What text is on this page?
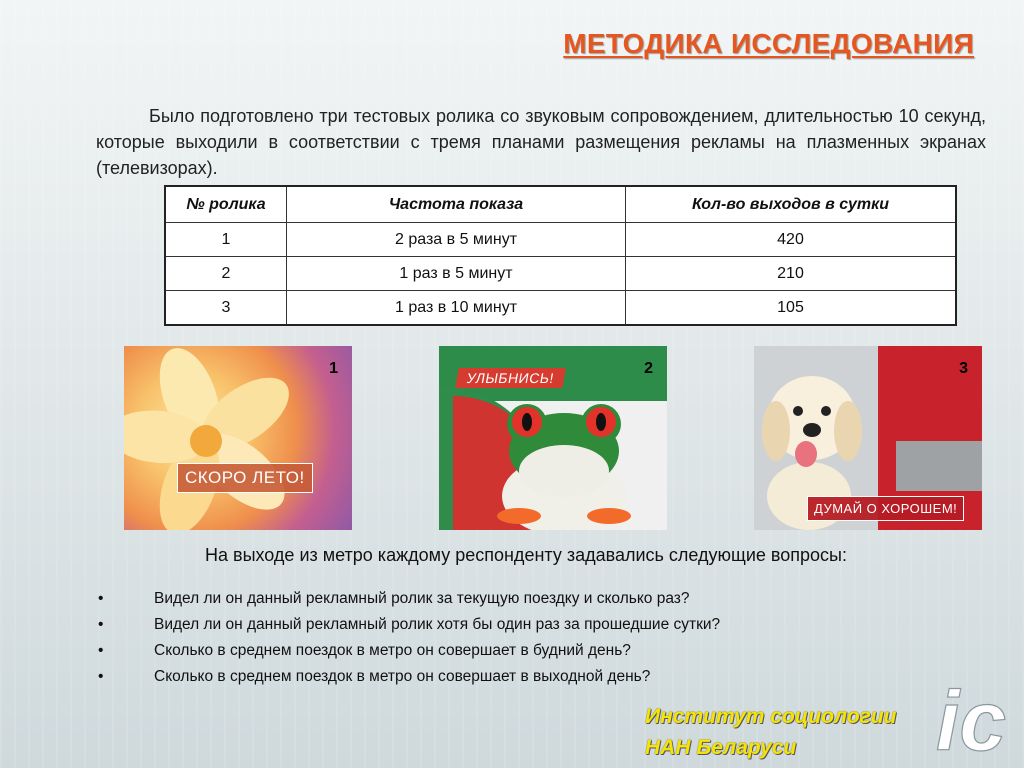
МЕТОДИКА ИССЛЕДОВАНИЯ

Было подготовлено три тестовых ролика со звуковым сопровождением, длительностью 10 секунд, которые выходили в соответствии с тремя планами размещения рекламы на плазменных экранах (телевизорах).

№ ролика	Частота показа	Кол-во выходов в сутки
1	2 раза в 5 минут	420
2	1 раз в 5 минут	210
3	1 раз в 10 минут	105
1
СКОРО ЛЕТО!
2
УЛЫБНИСЬ!
3
ДУМАЙ О ХОРОШЕМ!
На выходе из метро каждому респонденту задавались следующие вопросы:
•	Видел ли он данный рекламный ролик за текущую поездку и сколько раз?
•	Видел ли он данный рекламный ролик хотя бы один раз за прошедшие сутки?
•	Сколько в среднем поездок в метро он совершает в будний день?
•	Сколько в среднем поездок в метро он совершает в выходной день?
Институт социологии
НАН Беларуси	ic
